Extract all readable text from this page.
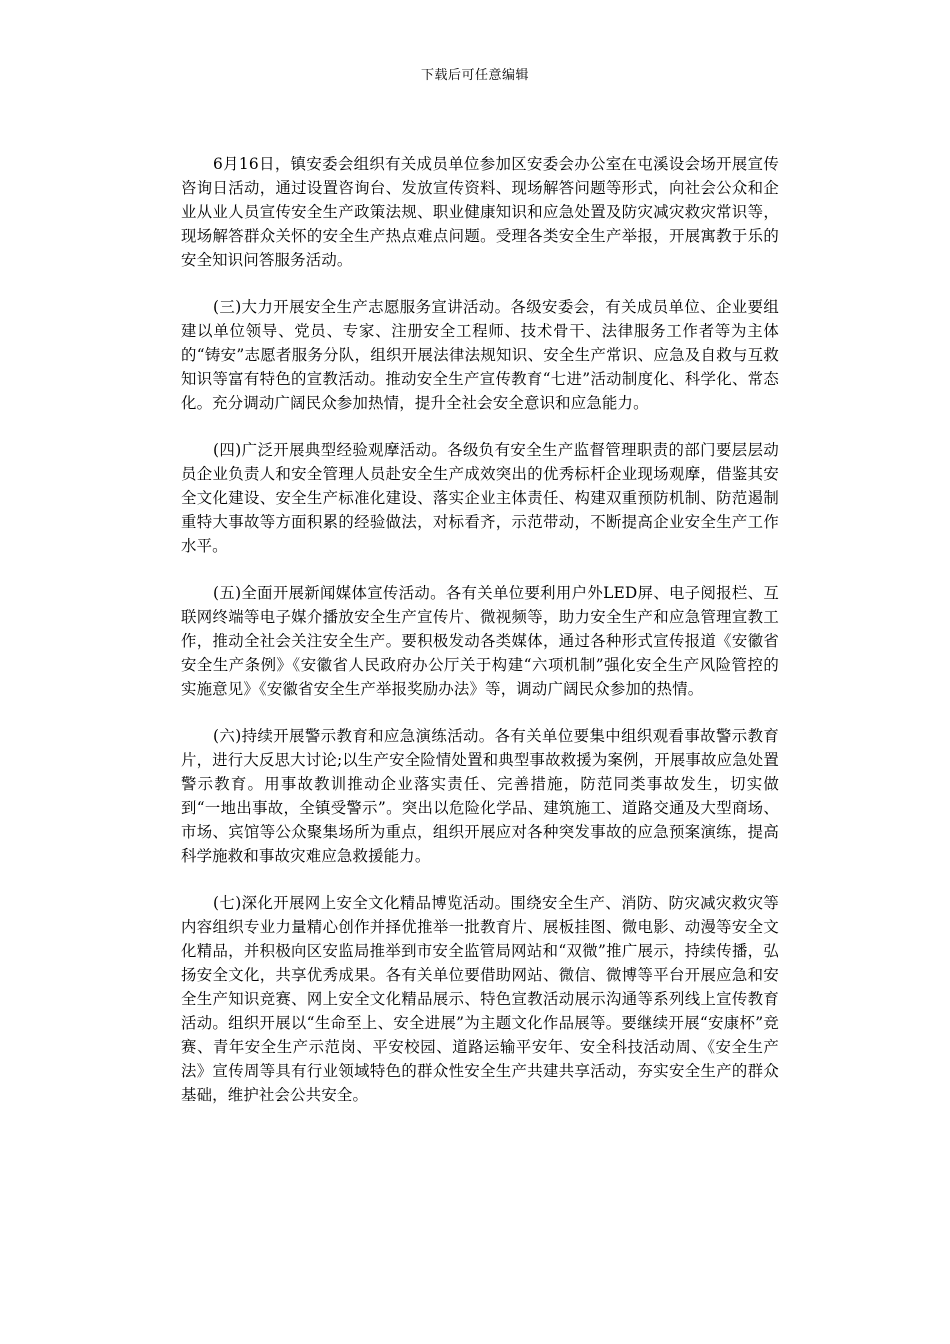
下载后可任意编辑

6月16日，镇安委会组织有关成员单位参加区安委会办公室在屯溪设会场开展宣传咨询日活动，通过设置咨询台、发放宣传资料、现场解答问题等形式，向社会公众和企业从业人员宣传安全生产政策法规、职业健康知识和应急处置及防灾减灾救灾常识等，现场解答群众关怀的安全生产热点难点问题。受理各类安全生产举报，开展寓教于乐的安全知识问答服务活动。

(三)大力开展安全生产志愿服务宣讲活动。各级安委会，有关成员单位、企业要组建以单位领导、党员、专家、注册安全工程师、技术骨干、法律服务工作者等为主体的“铸安”志愿者服务分队，组织开展法律法规知识、安全生产常识、应急及自救与互救知识等富有特色的宣教活动。推动安全生产宣传教育“七进”活动制度化、科学化、常态化。充分调动广阔民众参加热情，提升全社会安全意识和应急能力。

(四)广泛开展典型经验观摩活动。各级负有安全生产监督管理职责的部门要层层动员企业负责人和安全管理人员赴安全生产成效突出的优秀标杆企业现场观摩，借鉴其安全文化建设、安全生产标准化建设、落实企业主体责任、构建双重预防机制、防范遏制重特大事故等方面积累的经验做法，对标看齐，示范带动，不断提高企业安全生产工作水平。

(五)全面开展新闻媒体宣传活动。各有关单位要利用户外LED屏、电子阅报栏、互联网终端等电子媒介播放安全生产宣传片、微视频等，助力安全生产和应急管理宣教工作，推动全社会关注安全生产。要积极发动各类媒体，通过各种形式宣传报道《安徽省安全生产条例》《安徽省人民政府办公厅关于构建“六项机制”强化安全生产风险管控的实施意见》《安徽省安全生产举报奖励办法》等，调动广阔民众参加的热情。

(六)持续开展警示教育和应急演练活动。各有关单位要集中组织观看事故警示教育片，进行大反思大讨论;以生产安全险情处置和典型事故救援为案例，开展事故应急处置警示教育。用事故教训推动企业落实责任、完善措施，防范同类事故发生，切实做到“一地出事故，全镇受警示”。突出以危险化学品、建筑施工、道路交通及大型商场、市场、宾馆等公众聚集场所为重点，组织开展应对各种突发事故的应急预案演练，提高科学施救和事故灾难应急救援能力。

(七)深化开展网上安全文化精品博览活动。围绕安全生产、消防、防灾减灾救灾等内容组织专业力量精心创作并择优推举一批教育片、展板挂图、微电影、动漫等安全文化精品，并积极向区安监局推举到市安全监管局网站和“双微”推广展示，持续传播，弘扬安全文化，共享优秀成果。各有关单位要借助网站、微信、微博等平台开展应急和安全生产知识竞赛、网上安全文化精品展示、特色宣教活动展示沟通等系列线上宣传教育活动。组织开展以“生命至上、安全进展”为主题文化作品展等。要继续开展“安康杯”竞赛、青年安全生产示范岗、平安校园、道路运输平安年、安全科技活动周、《安全生产法》宣传周等具有行业领域特色的群众性安全生产共建共享活动，夯实安全生产的群众基础，维护社会公共安全。
